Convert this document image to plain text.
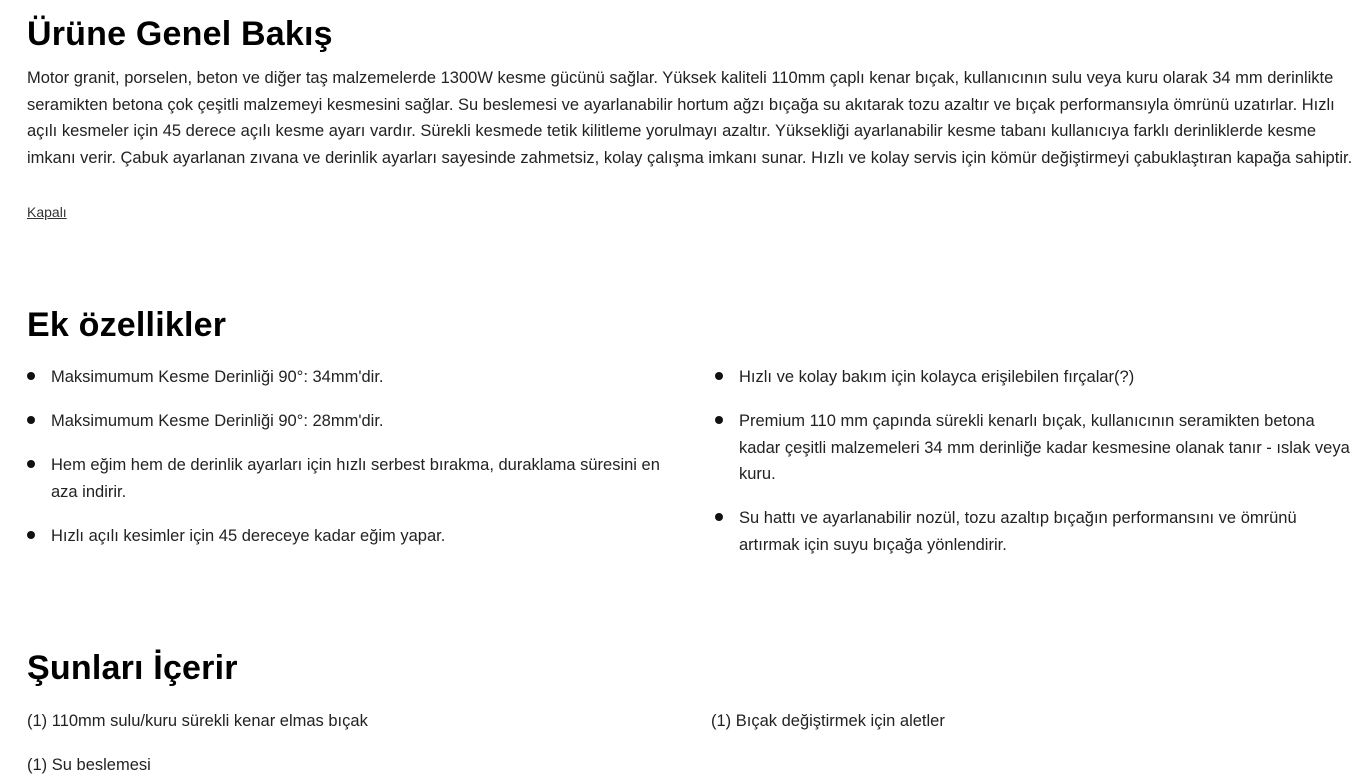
Ürüne Genel Bakış

Motor granit, porselen, beton ve diğer taş malzemelerde 1300W kesme gücünü sağlar. Yüksek kaliteli 110mm çaplı kenar bıçak, kullanıcının sulu veya kuru olarak 34 mm derinlikte seramikten betona çok çeşitli malzemeyi kesmesini sağlar. Su beslemesi ve ayarlanabilir hortum ağzı bıçağa su akıtarak tozu azaltır ve bıçak performansıyla ömrünü uzatırlar. Hızlı açılı kesmeler için 45 derece açılı kesme ayarı vardır. Sürekli kesmede tetik kilitleme yorulmayı azaltır. Yüksekliği ayarlanabilir kesme tabanı kullanıcıya farklı derinliklerde kesme imkanı verir. Çabuk ayarlanan zıvana ve derinlik ayarları sayesinde zahmetsiz, kolay çalışma imkanı sunar. Hızlı ve kolay servis için kömür değiştirmeyi çabuklaştıran kapağa sahiptir.

Kapalı
Ek özellikler
Maksimumum Kesme Derinliği 90°: 34mm'dir.
Maksimumum Kesme Derinliği 90°: 28mm'dir.
Hem eğim hem de derinlik ayarları için hızlı serbest bırakma, duraklama süresini en aza indirir.
Hızlı açılı kesimler için 45 dereceye kadar eğim yapar.
Hızlı ve kolay bakım için kolayca erişilebilen fırçalar(?)
Premium 110 mm çapında sürekli kenarlı bıçak, kullanıcının seramikten betona kadar çeşitli malzemeleri 34 mm derinliğe kadar kesmesine olanak tanır - ıslak veya kuru.
Su hattı ve ayarlanabilir nozül, tozu azaltıp bıçağın performansını ve ömrünü artırmak için suyu bıçağa yönlendirir.
Şunları İçerir
(1) 110mm sulu/kuru sürekli kenar elmas bıçak	(1) Bıçak değiştirmek için aletler
(1) Su beslemesi
